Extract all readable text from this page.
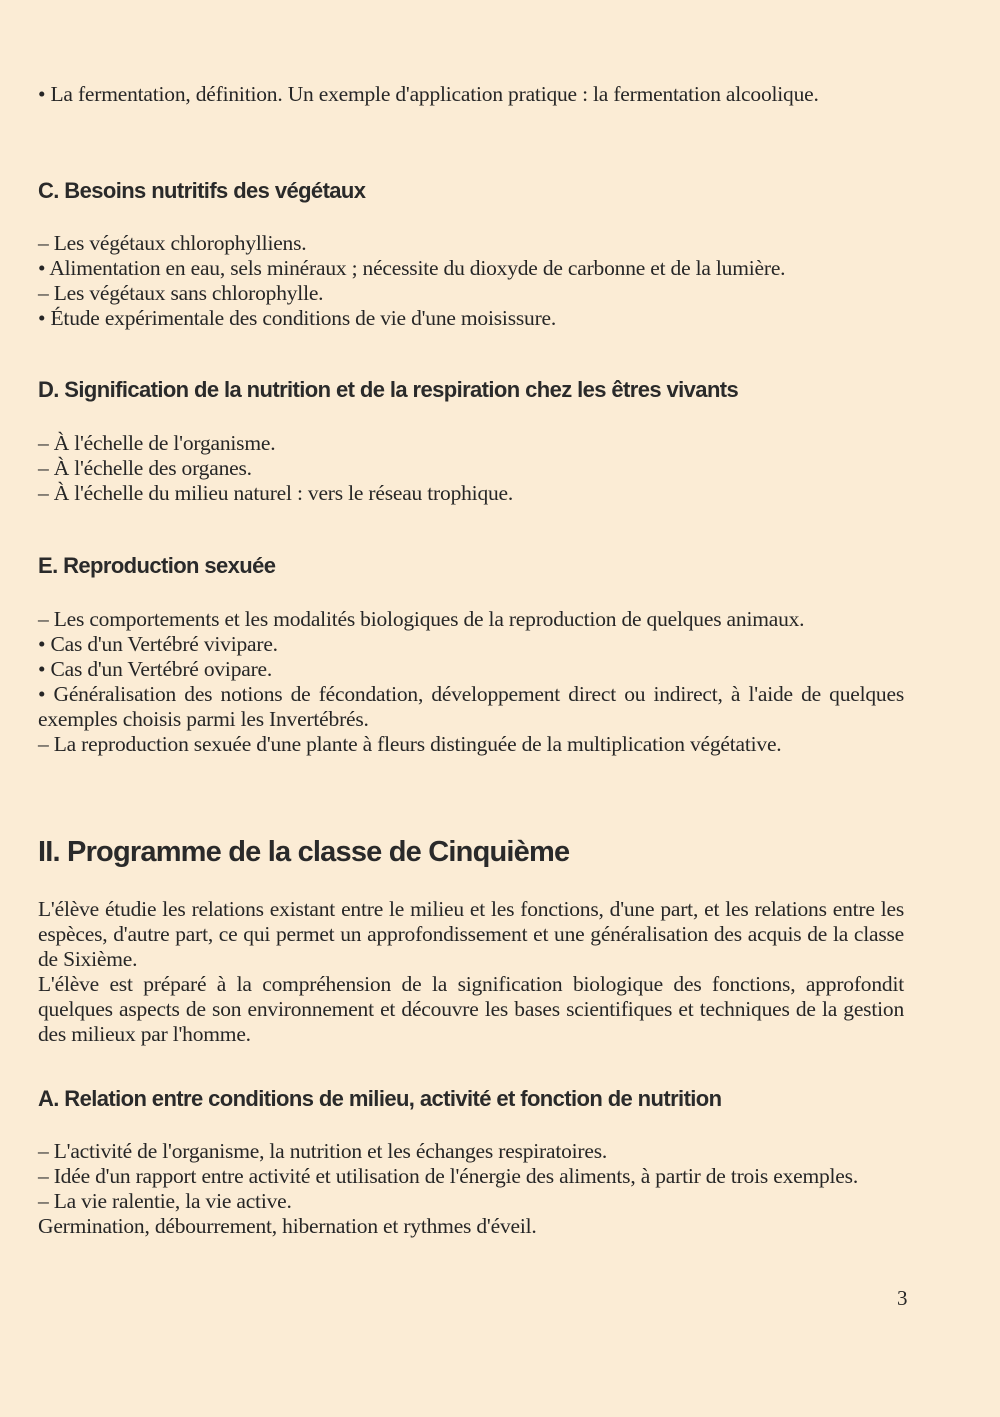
• La fermentation, définition. Un exemple d'application pratique : la fermentation alcoolique.

C. Besoins nutritifs des végétaux
– Les végétaux chlorophylliens.
• Alimentation en eau, sels minéraux ; nécessite du dioxyde de carbonne et de la lumière.
– Les végétaux sans chlorophylle.
• Étude expérimentale des conditions de vie d'une moisissure.
D. Signification de la nutrition et de la respiration chez les êtres vivants
– À l'échelle de l'organisme.
– À l'échelle des organes.
– À l'échelle du milieu naturel : vers le réseau trophique.
E. Reproduction sexuée
– Les comportements et les modalités biologiques de la reproduction de quelques animaux.
• Cas d'un Vertébré vivipare.
• Cas d'un Vertébré ovipare.
• Généralisation des notions de fécondation, développement direct ou indirect, à l'aide de quelques exemples choisis parmi les Invertébrés.
– La reproduction sexuée d'une plante à fleurs distinguée de la multiplication végétative.
II. Programme de la classe de Cinquième

L'élève étudie les relations existant entre le milieu et les fonctions, d'une part, et les relations entre les espèces, d'autre part, ce qui permet un approfondissement et une généralisation des acquis de la classe de Sixième.

L'élève est préparé à la compréhension de la signification biologique des fonctions, approfondit quelques aspects de son environnement et découvre les bases scientifiques et techniques de la gestion des milieux par l'homme.

A. Relation entre conditions de milieu, activité et fonction de nutrition
– L'activité de l'organisme, la nutrition et les échanges respiratoires.
– Idée d'un rapport entre activité et utilisation de l'énergie des aliments, à partir de trois exemples.
– La vie ralentie, la vie active.
Germination, débourrement, hibernation et rythmes d'éveil.
3
